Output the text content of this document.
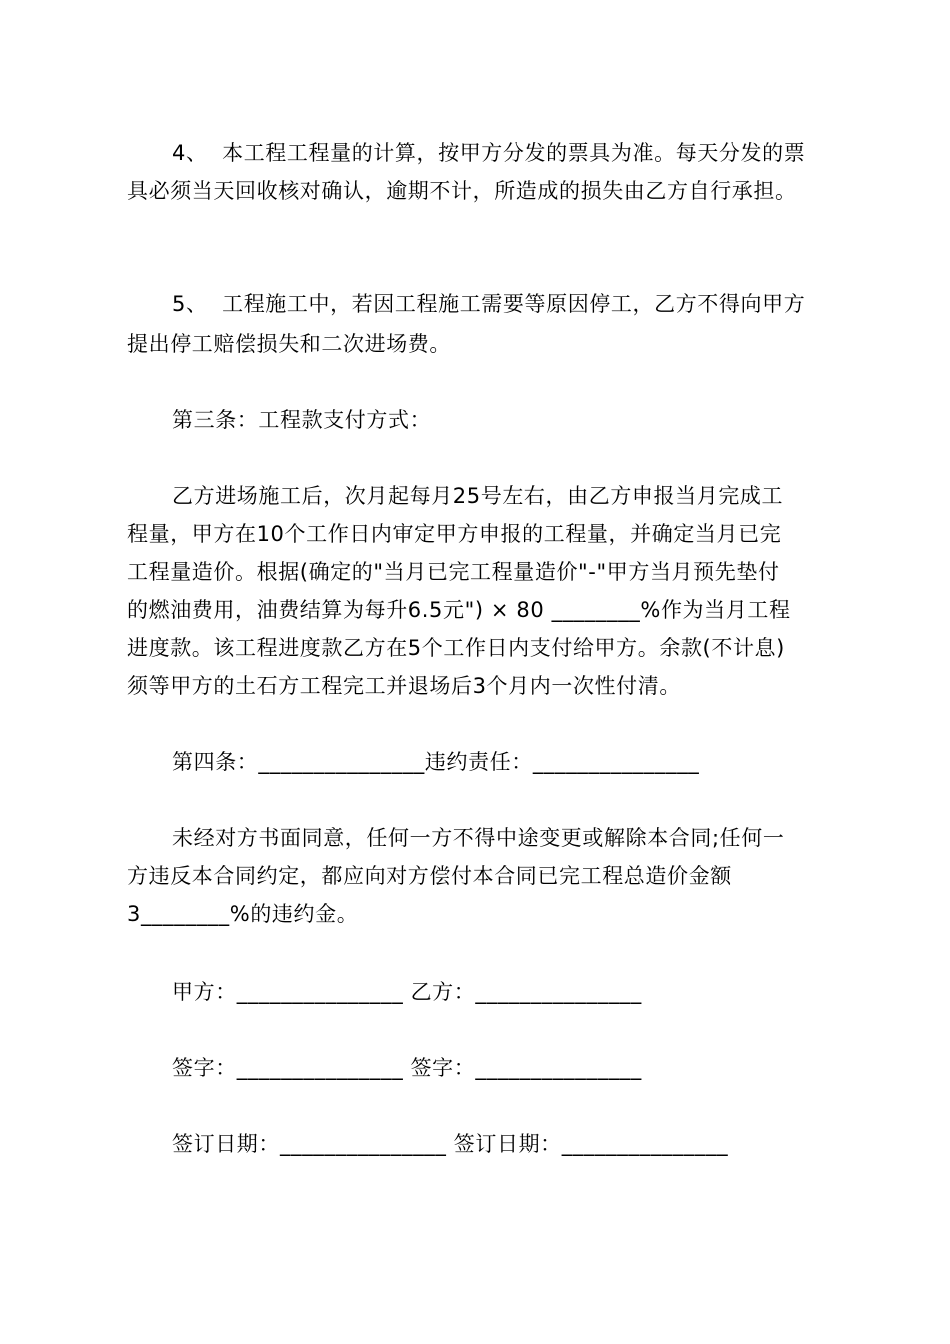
4、  本工程工程量的计算，按甲方分发的票具为准。每天分发的票
具必须当天回收核对确认，逾期不计，所造成的损失由乙方自行承担。
5、  工程施工中，若因工程施工需要等原因停工，乙方不得向甲方
提出停工赔偿损失和二次进场费。
第三条：工程款支付方式：
乙方进场施工后，次月起每月25号左右，由乙方申报当月完成工
程量，甲方在10个工作日内审定甲方申报的工程量，并确定当月已完
工程量造价。根据(确定的"当月已完工程量造价"-"甲方当月预先垫付
的燃油费用，油费结算为每升6.5元") × 80 ________%作为当月工程
进度款。该工程进度款乙方在5个工作日内支付给甲方。余款(不计息)
须等甲方的土石方工程完工并退场后3个月内一次性付清。
第四条：_______________违约责任：_______________
未经对方书面同意，任何一方不得中途变更或解除本合同;任何一
方违反本合同约定，都应向对方偿付本合同已完工程总造价金额
3________%的违约金。
甲方：_______________ 乙方：_______________
签字：_______________ 签字：_______________
签订日期：_______________ 签订日期：_______________
